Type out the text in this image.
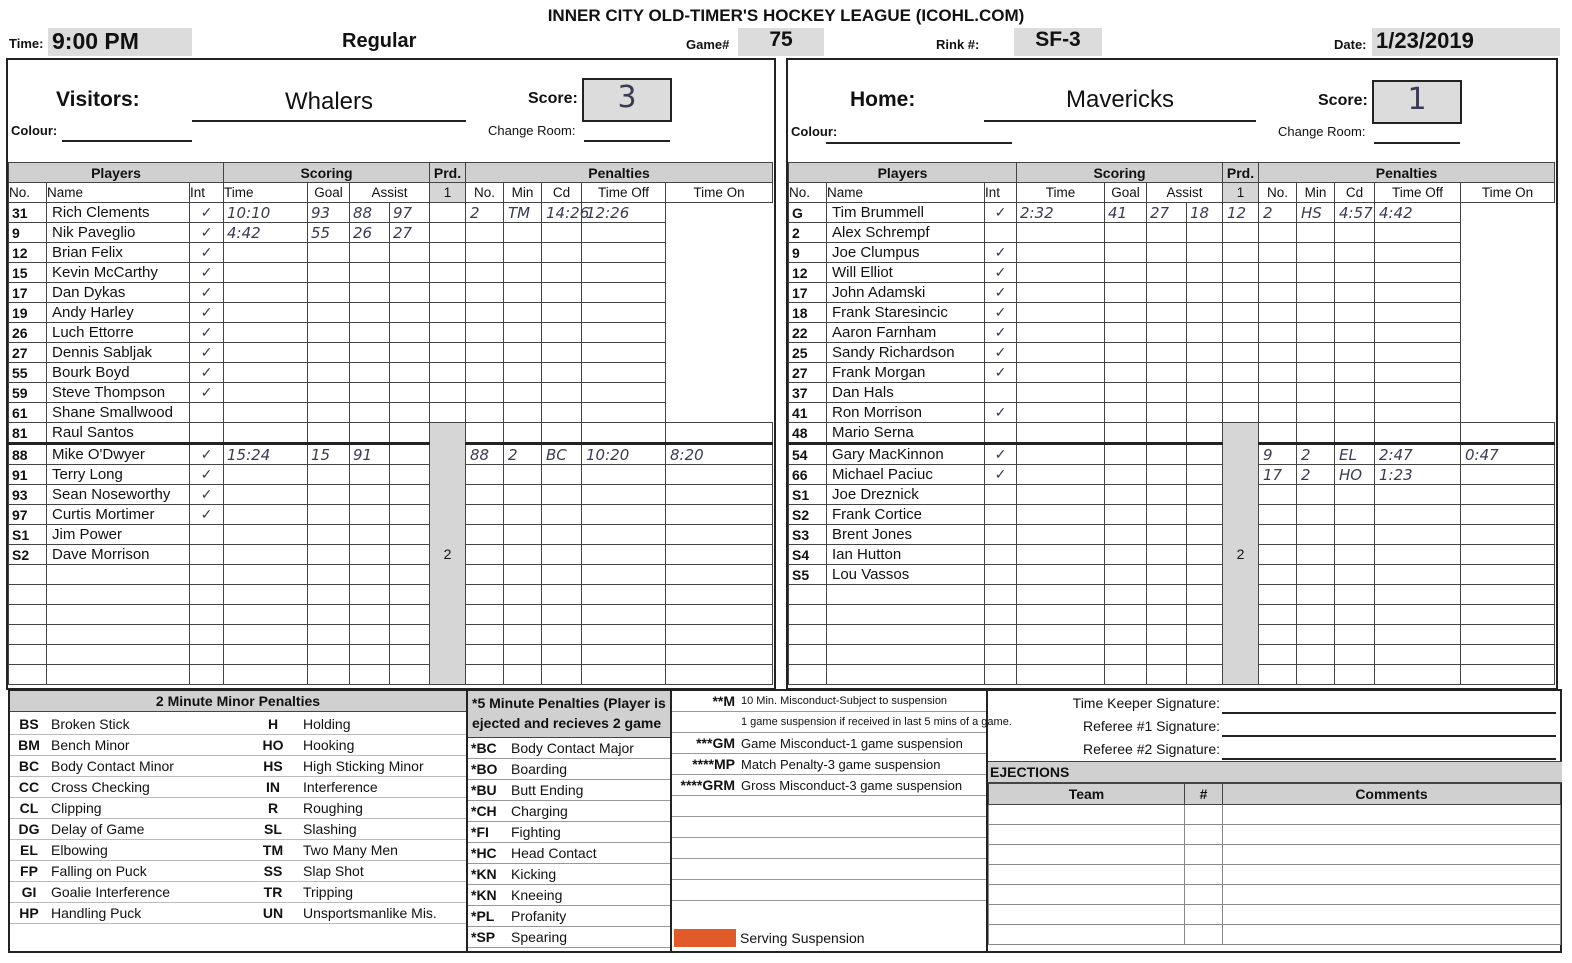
INNER CITY OLD-TIMER'S HOCKEY LEAGUE (ICOHL.COM)
Time: 9:00 PM	Regular	Game#	75	Rink #:	SF-3	Date: 1/23/2019
Visitors:	Whalers	Score:	3
Colour:	Change Room:
Players			Scoring				Prd.	Penalties				
No.	Name	Int	Time	Goal	Assist		1	No.	Min	Cd	Time Off	Time On
31	Rich Clements	✓	10:10	93	88	97		2	TM	14:26	12:26	
9	Nik Paveglio	✓	4:42	55	26	27						
12	Brian Felix	✓										
15	Kevin McCarthy	✓										
17	Dan Dykas	✓										
19	Andy Harley	✓										
26	Luch Ettorre	✓										
27	Dennis Sabljak	✓										
55	Bourk Boyd	✓										
59	Steve Thompson	✓										
61	Shane Smallwood											
81	Raul Santos						2					
88	Mike O'Dwyer	✓	15:24	15	91			88	2	BC	10:20	8:20
91	Terry Long	✓										
93	Sean Noseworthy	✓										
97	Curtis Mortimer	✓										
S1	Jim Power											
S2	Dave Morrison											

Home:	Mavericks	Score:	1
Colour:	Change Room:
Players			Scoring				Prd.	Penalties				
No.	Name	Int	Time	Goal	Assist		1	No.	Min	Cd	Time Off	Time On
G	Tim Brummell	✓	2:32	41	27	18	12	2	HS	4:57	4:42	
2	Alex Schrempf											
9	Joe Clumpus	✓										
12	Will Elliot	✓										
17	John Adamski	✓										
18	Frank Staresincic	✓										
22	Aaron Farnham	✓										
25	Sandy Richardson	✓										
27	Frank Morgan	✓										
37	Dan Hals											
41	Ron Morrison	✓										
48	Mario Serna						2					
54	Gary MacKinnon	✓						9	2	EL	2:47	0:47
66	Michael Paciuc	✓						17	2	HO	1:23	
S1	Joe Dreznick											
S2	Frank Cortice											
S3	Brent Jones											
S4	Ian Hutton											
S5	Lou Vassos											

2 Minute Minor Penalties
BS	Broken Stick	H	Holding
BM	Bench Minor	HO	Hooking
BC	Body Contact Minor	HS	High Sticking Minor
CC	Cross Checking	IN	Interference
CL	Clipping	R	Roughing
DG	Delay of Game	SL	Slashing
EL	Elbowing	TM	Two Many Men
FP	Falling on Puck	SS	Slap Shot
GI	Goalie Interference	TR	Tripping
HP	Handling Puck	UN	Unsportsmanlike Mis.
*5 Minute Penalties (Player is ejected and recieves 2 game
*BC	Body Contact Major
*BO	Boarding
*BU	Butt Ending
*CH	Charging
*FI	Fighting
*HC	Head Contact
*KN	Kicking
*KN	Kneeing
*PL	Profanity
*SP	Spearing
**M	10 Min. Misconduct-Subject to suspension
	1 game suspension if received in last 5 mins of a game.
***GM	Game Misconduct-1 game suspension
****MP	Match Penalty-3 game suspension
****GRM	Gross Misconduct-3 game suspension

Serving Suspension
Time Keeper Signature:
Referee #1 Signature:
Referee #2 Signature:
EJECTIONS
Team	#	Comments
